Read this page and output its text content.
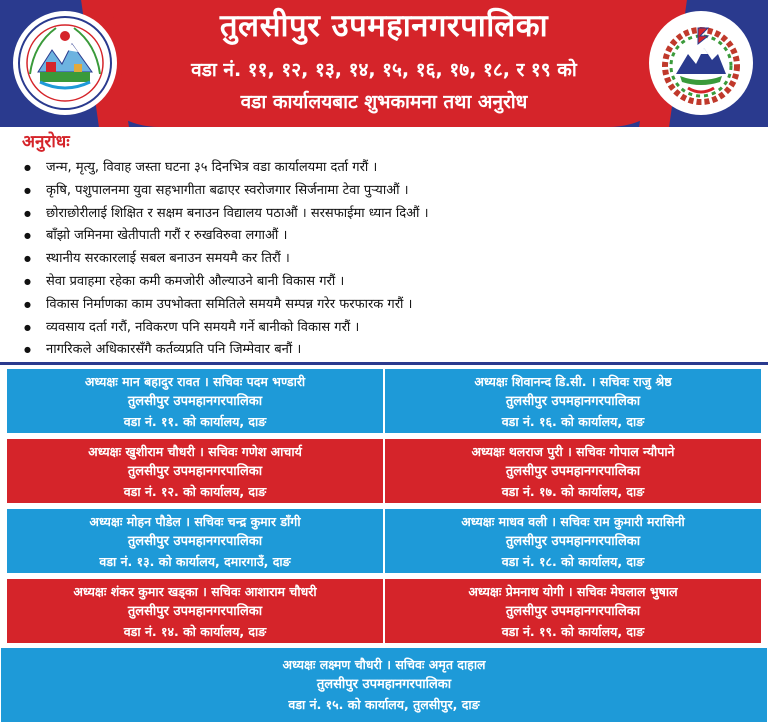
तुलसीपुर उपमहानगरपालिका
वडा नं. ११, १२, १३, १४, १५, १६, १७, १८, र १९ को
वडा कार्यालयबाट शुभकामना तथा अनुरोध
अनुरोधः
● जन्म, मृत्यु, विवाह जस्ता घटना ३५ दिनभित्र वडा कार्यालयमा दर्ता गरौं ।
● कृषि, पशुपालनमा युवा सहभागीता बढाएर स्वरोजगार सिर्जनामा टेवा पुऱ्याऔं ।
● छोराछोरीलाई शिक्षित र सक्षम बनाउन विद्यालय पठाऔं । सरसफाईमा ध्यान दिऔं ।
● बाँझो जमिनमा खेतीपाती गरौं र रुखविरुवा लगाऔं ।
● स्थानीय सरकारलाई सबल बनाउन समयमै कर तिरौं ।
● सेवा प्रवाहमा रहेका कमी कमजोरी औल्याउने बानी विकास गरौं ।
● विकास निर्माणका काम उपभोक्ता समितिले समयमै सम्पन्न गरेर फरफारक गरौं ।
● व्यवसाय दर्ता गरौं, नविकरण पनि समयमै गर्ने बानीको विकास गरौं ।
● नागरिकले अधिकारसँगै कर्तव्यप्रति पनि जिम्मेवार बनौं ।
अध्यक्षः मान बहादुर रावत । सचिवः पदम भण्डारी
तुलसीपुर उपमहानगरपालिका
वडा नं. ११. को कार्यालय, दाङ
अध्यक्षः शिवानन्द डि.सी. । सचिवः राजु श्रेष्ठ
तुलसीपुर उपमहानगरपालिका
वडा नं. १६. को कार्यालय, दाङ
अध्यक्षः खुशीराम चौधरी । सचिवः गणेश आचार्य
तुलसीपुर उपमहानगरपालिका
वडा नं. १२. को कार्यालय, दाङ
अध्यक्षः थलराज पुरी । सचिवः गोपाल न्यौपाने
तुलसीपुर उपमहानगरपालिका
वडा नं. १७. को कार्यालय, दाङ
अध्यक्षः मोहन पौडेल । सचिवः चन्द्र कुमार डाँगी
तुलसीपुर उपमहानगरपालिका
वडा नं. १३. को कार्यालय, दमारगाउँ, दाङ
अध्यक्षः माधव वली । सचिवः राम कुमारी मरासिनी
तुलसीपुर उपमहानगरपालिका
वडा नं. १८. को कार्यालय, दाङ
अध्यक्षः शंकर कुमार खड्का । सचिवः आशाराम चौधरी
तुलसीपुर उपमहानगरपालिका
वडा नं. १४. को कार्यालय, दाङ
अध्यक्षः प्रेमनाथ योगी । सचिवः मेघलाल भुषाल
तुलसीपुर उपमहानगरपालिका
वडा नं. १९. को कार्यालय, दाङ
अध्यक्षः लक्ष्मण चौधरी । सचिवः अमृत दाहाल
तुलसीपुर उपमहानगरपालिका
वडा नं. १५. को कार्यालय, तुलसीपुर, दाङ
